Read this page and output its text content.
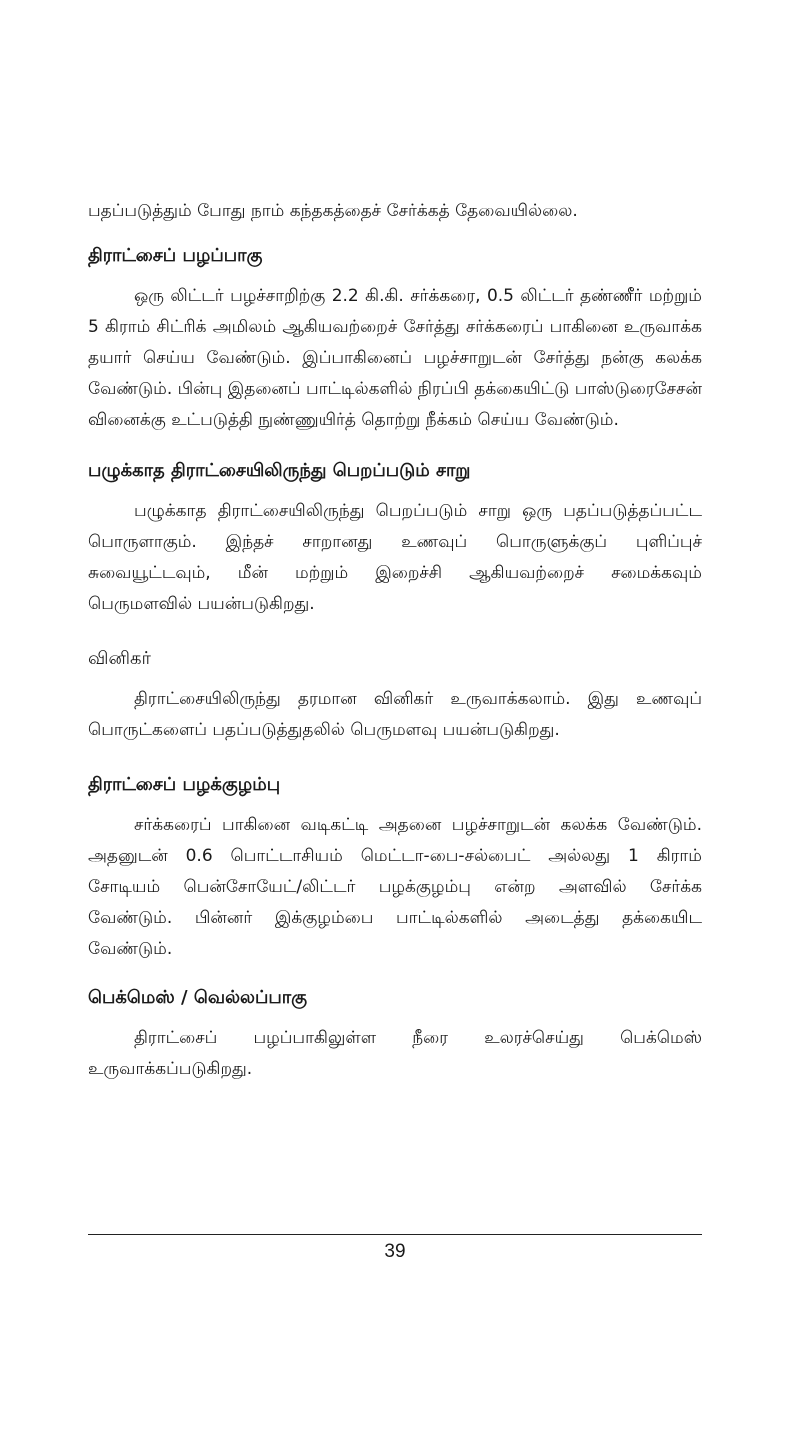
பதப்படுத்தும் போது நாம் கந்தகத்தைச் சேர்க்கத் தேவையில்லை.

திராட்சைப் பழப்பாகு

ஒரு லிட்டர் பழச்சாறிற்கு 2.2 கி.கி. சர்க்கரை, 0.5 லிட்டர் தண்ணீர் மற்றும் 5 கிராம் சிட்ரிக் அமிலம் ஆகியவற்றைச் சேர்த்து சர்க்கரைப் பாகினை உருவாக்க தயார் செய்ய வேண்டும். இப்பாகினைப் பழச்சாறுடன் சேர்த்து நன்கு கலக்க வேண்டும். பின்பு இதனைப் பாட்டில்களில் நிரப்பி தக்கையிட்டு பாஸ்டுரைசேசன் வினைக்கு உட்படுத்தி நுண்ணுயிர்த் தொற்று நீக்கம் செய்ய வேண்டும்.

பழுக்காத திராட்சையிலிருந்து பெறப்படும் சாறு

பழுக்காத திராட்சையிலிருந்து பெறப்படும் சாறு ஒரு பதப்படுத்தப்பட்ட பொருளாகும். இந்தச் சாறானது உணவுப் பொருளுக்குப் புளிப்புச் சுவையூட்டவும், மீன் மற்றும் இறைச்சி ஆகியவற்றைச் சமைக்கவும் பெருமளவில் பயன்படுகிறது.

வினிகர்

திராட்சையிலிருந்து தரமான வினிகர் உருவாக்கலாம். இது உணவுப் பொருட்களைப் பதப்படுத்துதலில் பெருமளவு பயன்படுகிறது.

திராட்சைப் பழக்குழம்பு

சர்க்கரைப் பாகினை வடிகட்டி அதனை பழச்சாறுடன் கலக்க வேண்டும். அதனுடன் 0.6 பொட்டாசியம் மெட்டா-பை-சல்பைட் அல்லது 1 கிராம் சோடியம் பென்சோயேட்/லிட்டர் பழக்குழம்பு என்ற அளவில் சேர்க்க வேண்டும். பின்னர் இக்குழம்பை பாட்டில்களில் அடைத்து தக்கையிட வேண்டும்.

பெக்மெஸ் / வெல்லப்பாகு

திராட்சைப் பழப்பாகிலுள்ள நீரை உலரச்செய்து பெக்மெஸ் உருவாக்கப்படுகிறது.

39
